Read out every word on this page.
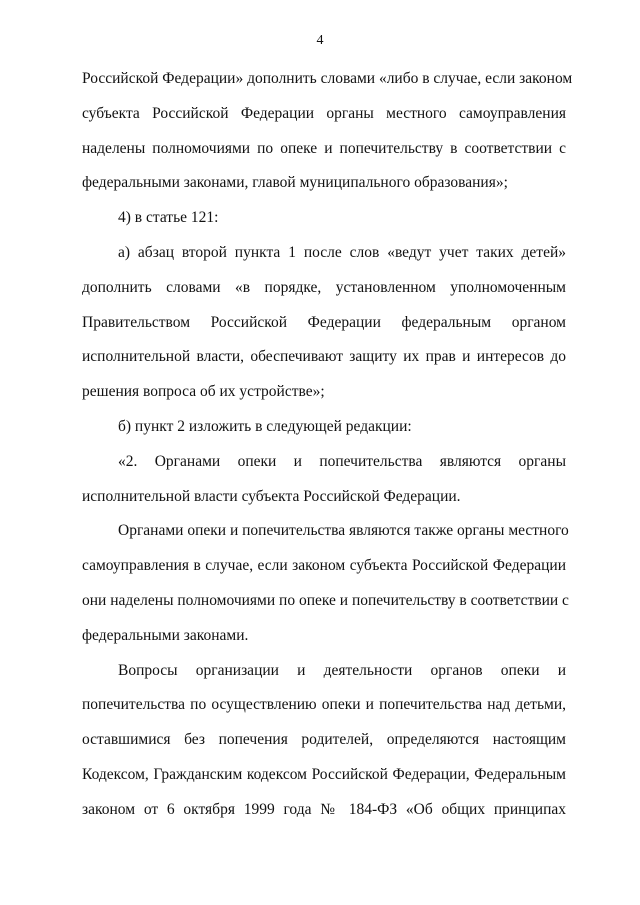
4
Российской Федерации» дополнить словами «либо в случае, если законом
субъекта Российской Федерации органы местного самоуправления
наделены полномочиями по опеке и попечительству в соответствии с
федеральными законами, главой муниципального образования»;
4) в статье 121:
а) абзац второй пункта 1 после слов «ведут учет таких детей»
дополнить словами «в порядке, установленном уполномоченным
Правительством Российской Федерации федеральным органом
исполнительной власти, обеспечивают защиту их прав и интересов до
решения вопроса об их устройстве»;
б) пункт 2 изложить в следующей редакции:
«2. Органами опеки и попечительства являются органы
исполнительной власти субъекта Российской Федерации.
Органами опеки и попечительства являются также органы местного
самоуправления в случае, если законом субъекта Российской Федерации
они наделены полномочиями по опеке и попечительству в соответствии с
федеральными законами.
Вопросы организации и деятельности органов опеки и
попечительства по осуществлению опеки и попечительства над детьми,
оставшимися без попечения родителей, определяются настоящим
Кодексом, Гражданским кодексом Российской Федерации, Федеральным
законом от 6 октября 1999 года № 184-ФЗ «Об общих принципах
